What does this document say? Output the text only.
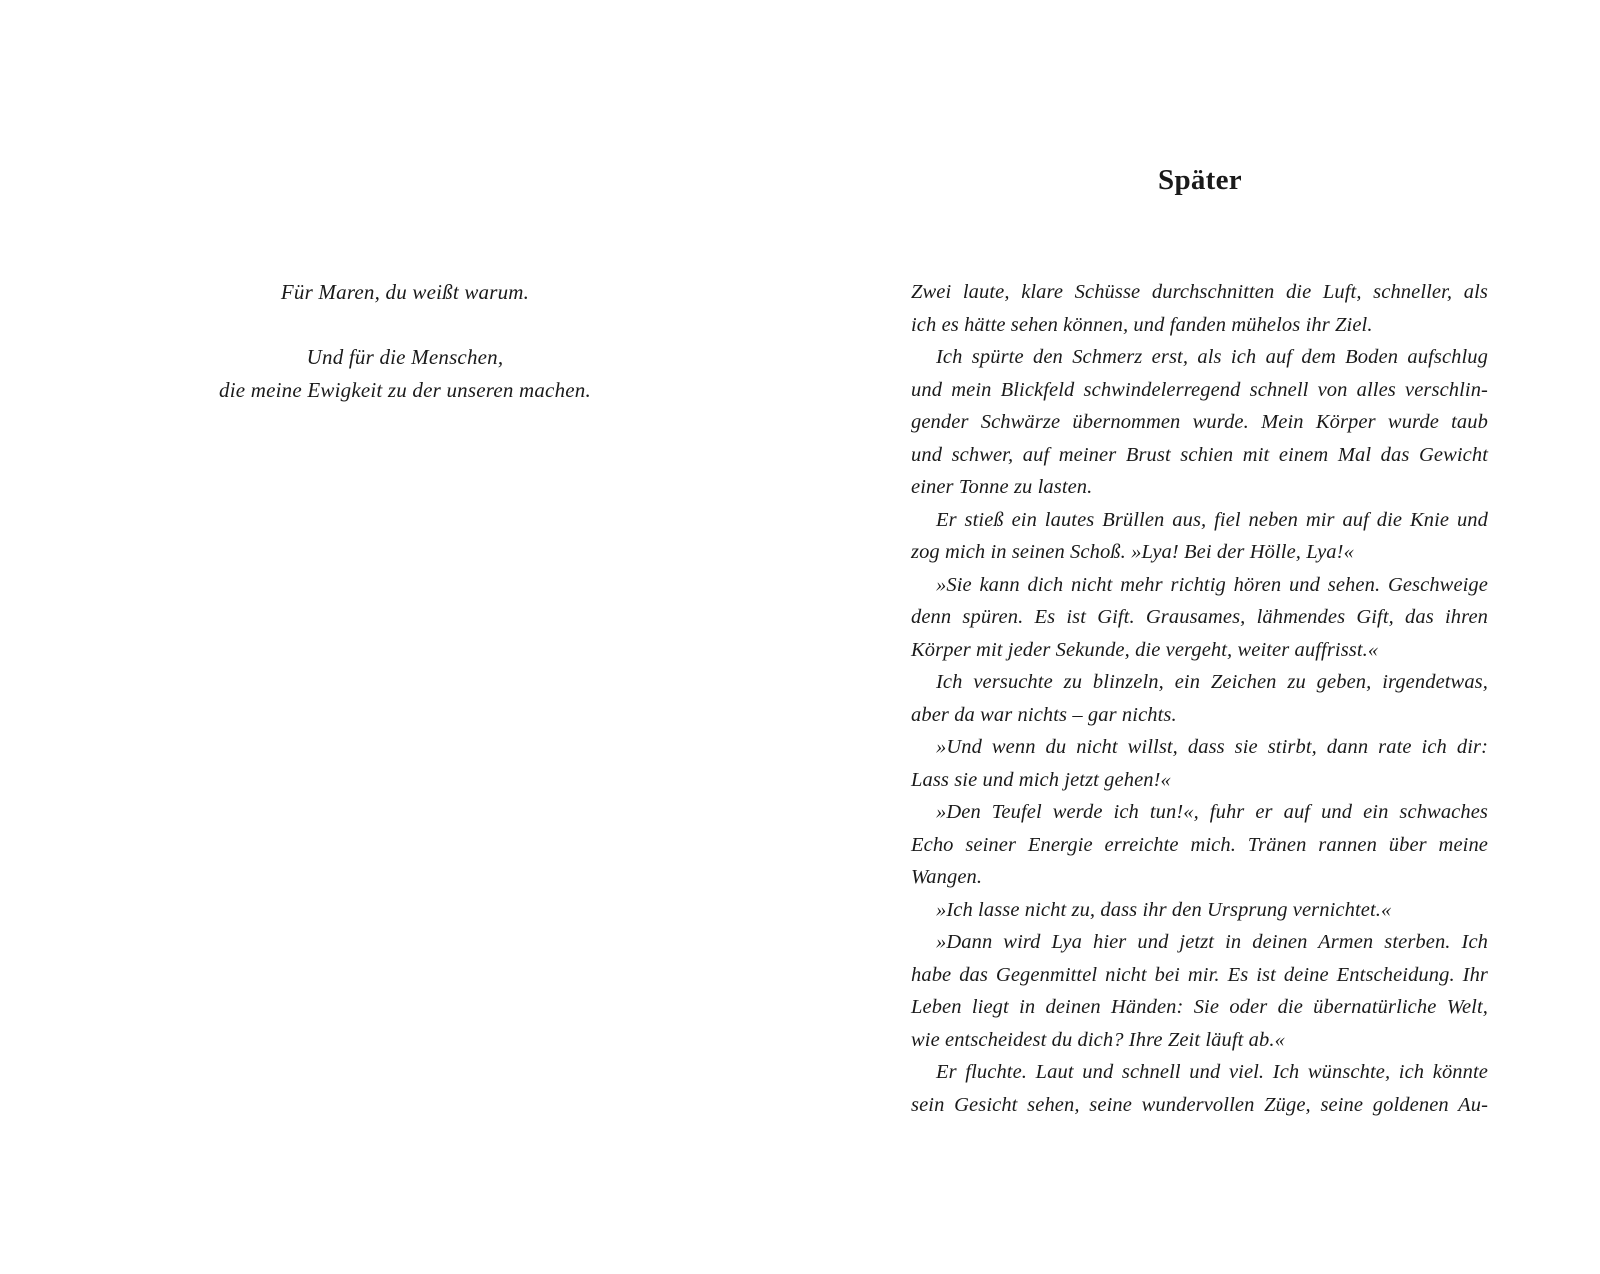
Für Maren, du weißt warum.
Und für die Menschen,
die meine Ewigkeit zu der unseren machen.
Später
Zwei laute, klare Schüsse durchschnitten die Luft, schneller, als
ich es hätte sehen können, und fanden mühelos ihr Ziel.
Ich spürte den Schmerz erst, als ich auf dem Boden aufschlug
und mein Blickfeld schwindelerregend schnell von alles verschlin-
gender Schwärze übernommen wurde. Mein Körper wurde taub
und schwer, auf meiner Brust schien mit einem Mal das Gewicht
einer Tonne zu lasten.
Er stieß ein lautes Brüllen aus, fiel neben mir auf die Knie und
zog mich in seinen Schoß. »Lya! Bei der Hölle, Lya!«
»Sie kann dich nicht mehr richtig hören und sehen. Geschweige
denn spüren. Es ist Gift. Grausames, lähmendes Gift, das ihren
Körper mit jeder Sekunde, die vergeht, weiter auffrisst.«
Ich versuchte zu blinzeln, ein Zeichen zu geben, irgendetwas,
aber da war nichts – gar nichts.
»Und wenn du nicht willst, dass sie stirbt, dann rate ich dir:
Lass sie und mich jetzt gehen!«
»Den Teufel werde ich tun!«, fuhr er auf und ein schwaches
Echo seiner Energie erreichte mich. Tränen rannen über meine
Wangen.
»Ich lasse nicht zu, dass ihr den Ursprung vernichtet.«
»Dann wird Lya hier und jetzt in deinen Armen sterben. Ich
habe das Gegenmittel nicht bei mir. Es ist deine Entscheidung. Ihr
Leben liegt in deinen Händen: Sie oder die übernatürliche Welt,
wie entscheidest du dich? Ihre Zeit läuft ab.«
Er fluchte. Laut und schnell und viel. Ich wünschte, ich könnte
sein Gesicht sehen, seine wundervollen Züge, seine goldenen Au-
